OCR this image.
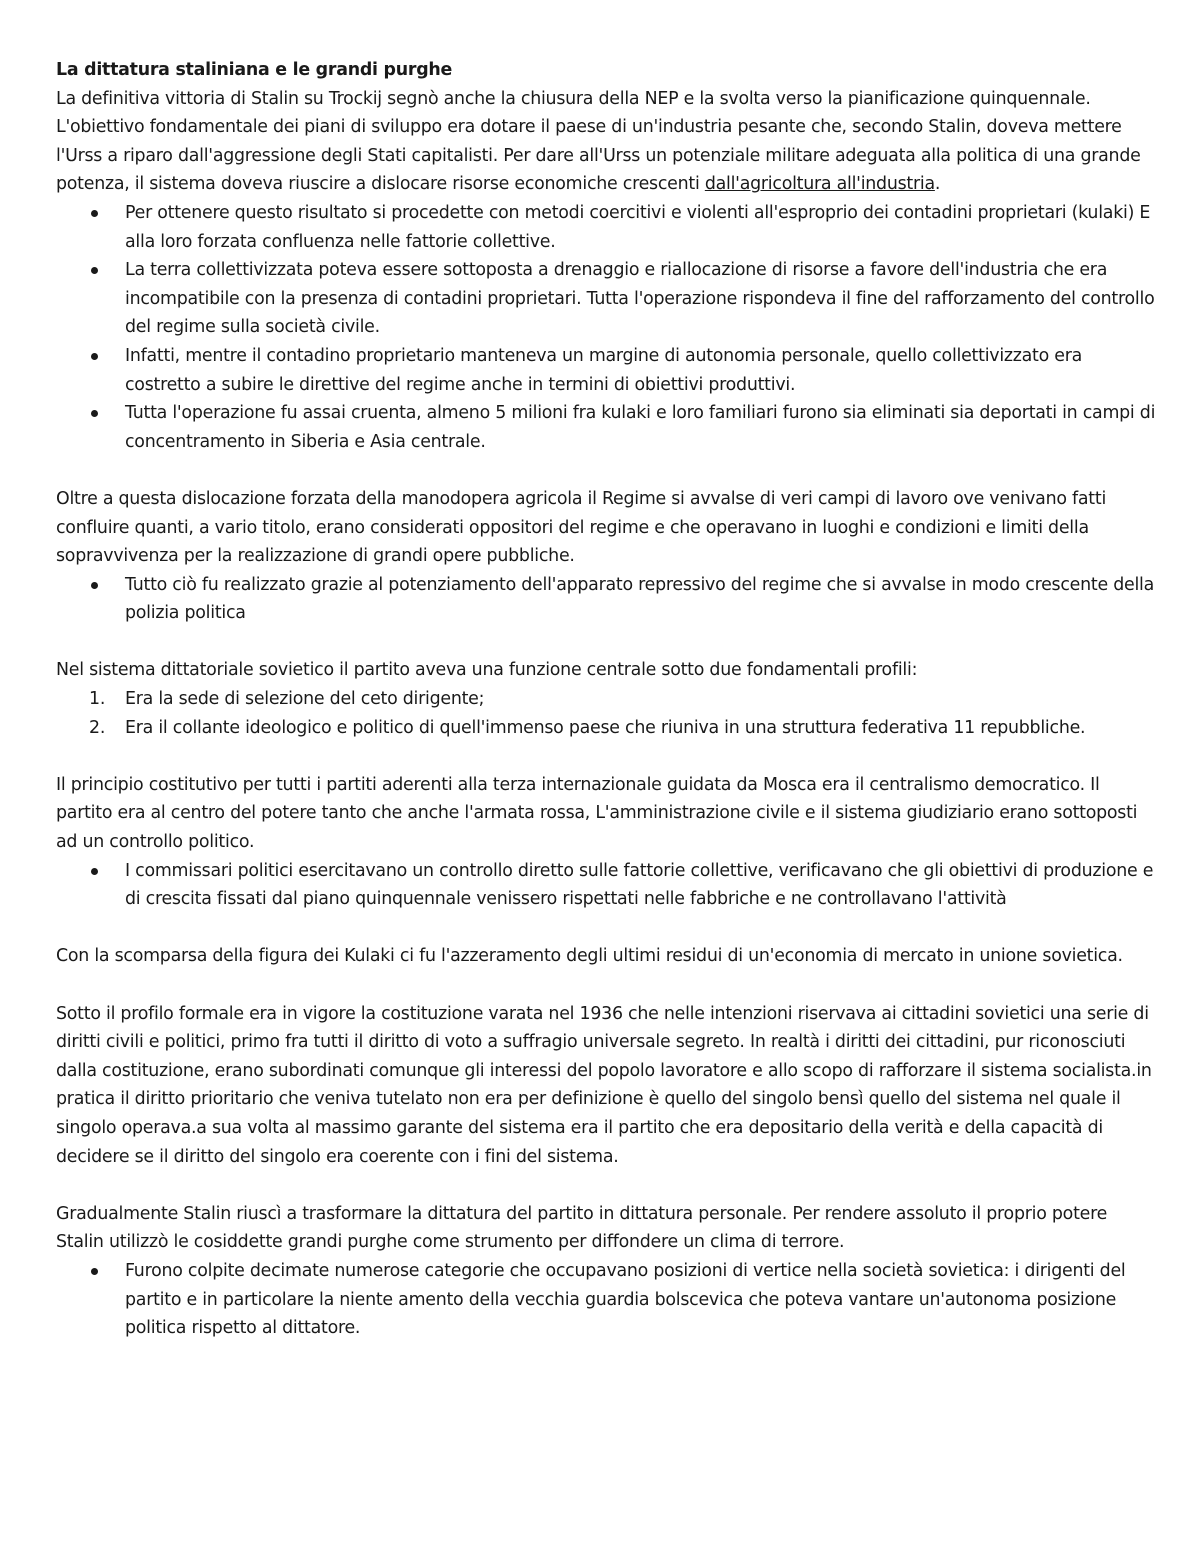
La dittatura staliniana e le grandi purghe

La definitiva vittoria di Stalin su Trockij segnò anche la chiusura della NEP e la svolta verso la pianificazione quinquennale. L'obiettivo fondamentale dei piani di sviluppo era dotare il paese di un'industria pesante che, secondo Stalin, doveva mettere l'Urss a riparo dall'aggressione degli Stati capitalisti. Per dare all'Urss un potenziale militare adeguata alla politica di una grande potenza, il sistema doveva riuscire a dislocare risorse economiche crescenti dall'agricoltura all'industria.

Per ottenere questo risultato si procedette con metodi coercitivi e violenti all'esproprio dei contadini proprietari (kulaki) E alla loro forzata confluenza nelle fattorie collettive.
La terra collettivizzata poteva essere sottoposta a drenaggio e riallocazione di risorse a favore dell'industria che era incompatibile con la presenza di contadini proprietari. Tutta l'operazione rispondeva il fine del rafforzamento del controllo del regime sulla società civile.
Infatti, mentre il contadino proprietario manteneva un margine di autonomia personale, quello collettivizzato era costretto a subire le direttive del regime anche in termini di obiettivi produttivi.
Tutta l'operazione fu assai cruenta, almeno 5 milioni fra kulaki e loro familiari furono sia eliminati sia deportati in campi di concentramento in Siberia e Asia centrale.

Oltre a questa dislocazione forzata della manodopera agricola il Regime si avvalse di veri campi di lavoro ove venivano fatti confluire quanti, a vario titolo, erano considerati oppositori del regime e che operavano in luoghi e condizioni e limiti della sopravvivenza per la realizzazione di grandi opere pubbliche.

Tutto ciò fu realizzato grazie al potenziamento dell'apparato repressivo del regime che si avvalse in modo crescente della polizia politica

Nel sistema dittatoriale sovietico il partito aveva una funzione centrale sotto due fondamentali profili:

1. Era la sede di selezione del ceto dirigente;
2. Era il collante ideologico e politico di quell'immenso paese che riuniva in una struttura federativa 11 repubbliche.

Il principio costitutivo per tutti i partiti aderenti alla terza internazionale guidata da Mosca era il centralismo democratico. Il partito era al centro del potere tanto che anche l'armata rossa, L'amministrazione civile e il sistema giudiziario erano sottoposti ad un controllo politico.

I commissari politici esercitavano un controllo diretto sulle fattorie collettive, verificavano che gli obiettivi di produzione e di crescita fissati dal piano quinquennale venissero rispettati nelle fabbriche e ne controllavano l'attività

Con la scomparsa della figura dei Kulaki ci fu l'azzeramento degli ultimi residui di un'economia di mercato in unione sovietica.

Sotto il profilo formale era in vigore la costituzione varata nel 1936 che nelle intenzioni riservava ai cittadini sovietici una serie di diritti civili e politici, primo fra tutti il diritto di voto a suffragio universale segreto. In realtà i diritti dei cittadini, pur riconosciuti dalla costituzione, erano subordinati comunque gli interessi del popolo lavoratore e allo scopo di rafforzare il sistema socialista.in pratica il diritto prioritario che veniva tutelato non era per definizione è quello del singolo bensì quello del sistema nel quale il singolo operava.a sua volta al massimo garante del sistema era il partito che era depositario della verità e della capacità di decidere se il diritto del singolo era coerente con i fini del sistema.

Gradualmente Stalin riuscì a trasformare la dittatura del partito in dittatura personale. Per rendere assoluto il proprio potere Stalin utilizzò le cosiddette grandi purghe come strumento per diffondere un clima di terrore.

Furono colpite decimate numerose categorie che occupavano posizioni di vertice nella società sovietica: i dirigenti del partito e in particolare la niente amento della vecchia guardia bolscevica che poteva vantare un'autonoma posizione politica rispetto al dittatore.
